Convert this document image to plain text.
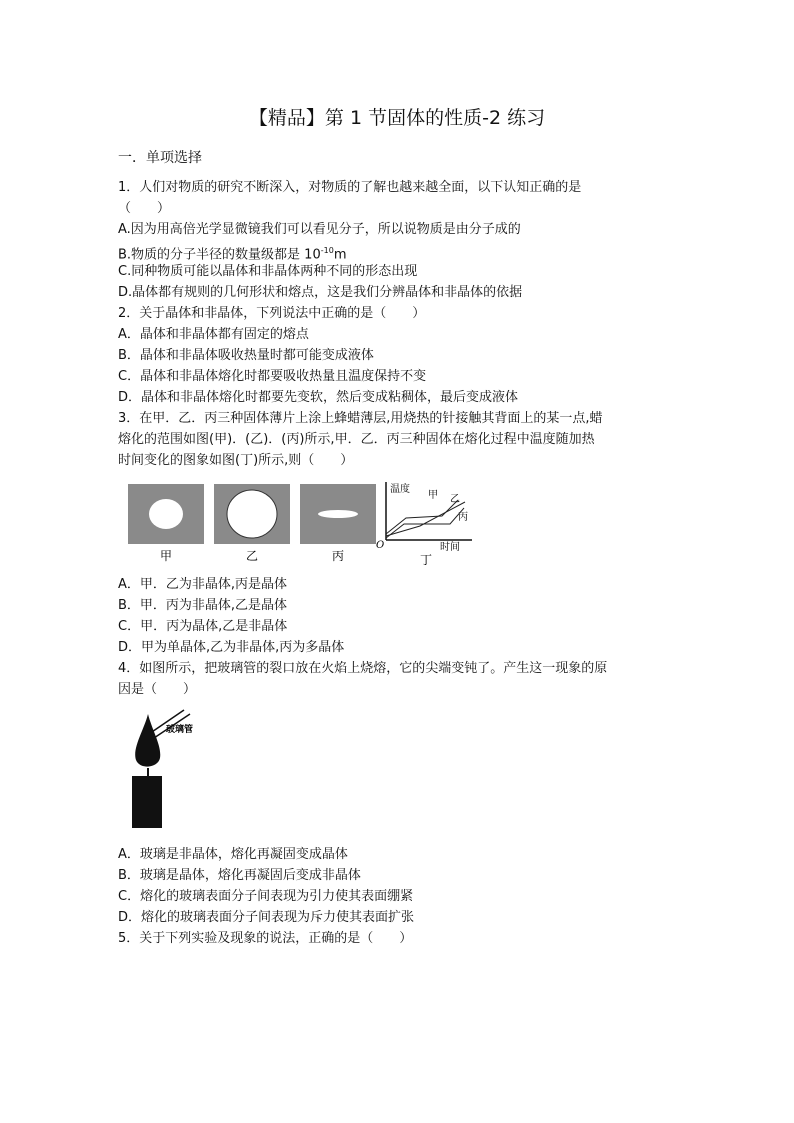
【精品】第 1 节固体的性质-2 练习
一．单项选择
1．人们对物质的研究不断深入，对物质的了解也越来越全面，以下认知正确的是
（　　）
A.因为用高倍光学显微镜我们可以看见分子，所以说物质是由分子成的
B.物质的分子半径的数量级都是 $10^{-10}m$
C.同种物质可能以晶体和非晶体两种不同的形态出现
D.晶体都有规则的几何形状和熔点，这是我们分辨晶体和非晶体的依据
2．关于晶体和非晶体，下列说法中正确的是（　　）
A．晶体和非晶体都有固定的熔点
B．晶体和非晶体吸收热量时都可能变成液体
C．晶体和非晶体熔化时都要吸收热量且温度保持不变
D．晶体和非晶体熔化时都要先变软，然后变成粘稠体，最后变成液体
3．在甲．乙．丙三种固体薄片上涂上蜂蜡薄层,用烧热的针接触其背面上的某一点,蜡
熔化的范围如图(甲)．(乙)．(丙)所示,甲．乙．丙三种固体在熔化过程中温度随加热
时间变化的图象如图(丁)所示,则（　　）
甲	乙	丙
温度
时间
O
甲 乙
丙
丁
A．甲．乙为非晶体,丙是晶体
B．甲．丙为非晶体,乙是晶体
C．甲．丙为晶体,乙是非晶体
D．甲为单晶体,乙为非晶体,丙为多晶体
4．如图所示，把玻璃管的裂口放在火焰上烧熔，它的尖端变钝了。产生这一现象的原
因是（　　）
玻璃管
A．玻璃是非晶体，熔化再凝固变成晶体
B．玻璃是晶体，熔化再凝固后变成非晶体
C．熔化的玻璃表面分子间表现为引力使其表面绷紧
D．熔化的玻璃表面分子间表现为斥力使其表面扩张
5．关于下列实验及现象的说法，正确的是（　　）
